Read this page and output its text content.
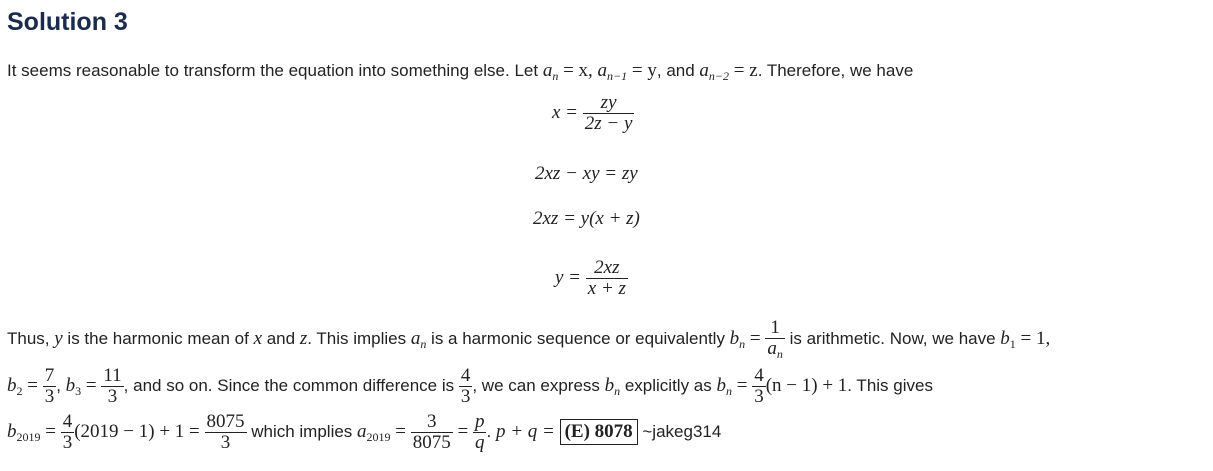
Solution 3
It seems reasonable to transform the equation into something else. Let $a_n = x$, $a_{n-1} = y$, and $a_{n-2} = z$. Therefore, we have
$x = \frac{zy}{2z - y}$
2xz − xy = zy
2xz = y(x + z)
$y = \frac{2xz}{x + z}$
Thus, y is the harmonic mean of x and z. This implies $a_n$ is a harmonic sequence or equivalently $b_n = \frac{1}{a_n}$ is arithmetic. Now, we have $b_1 = 1$,
$b_2 = \frac{7}{3}$ , $b_3 = \frac{11}{3}$ , and so on. Since the common difference is $\frac{4}{3}$ , we can express $b_n$ explicitly as $b_n = \frac{4}{3} (n - 1) + 1$. This gives
$b_{2019} = \frac{4}{3} (2019 - 1) + 1 = \frac{8075}{3}$ which implies $a_{2019} = \frac{3}{8075} = \frac{p}{q}$ . p + q = (E) 8078 ~jakeg314
